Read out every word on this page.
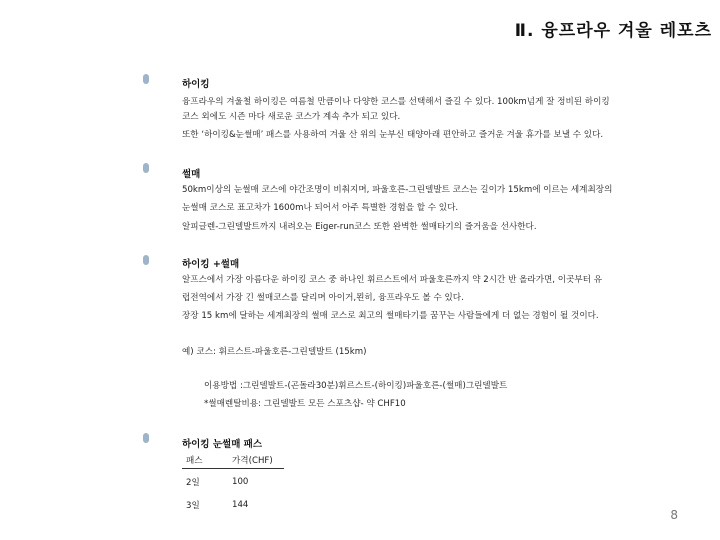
Ⅱ. 융프라우 겨울 레포츠
하이킹
융프라우의 겨울철 하이킹은 여름철 만큼이나 다양한 코스를 선택해서 즐길 수 있다. 100km넘게 잘 정비된 하이킹
코스 외에도 시즌 마다 새로운 코스가 계속 추가 되고 있다.
또한 ‘하이킹&눈썰매’ 패스를 사용하여 겨울 산 위의 눈부신 태양아래 편안하고 즐거운 겨울 휴가를 보낼 수 있다.
썰매
50km이상의 눈썰매 코스에 야간조명이 비춰지며, 파울호른-그린델발트 코스는 길이가 15km에 이르는 세계최장의
눈썰매 코스로 표고차가 1600m나 되어서 아주 특별한 경험을 할 수 있다.
알피글렌-그린델발트까지 내려오는 Eiger-run코스 또한 완벽한 썰매타기의 즐거움을 선사한다.
하이킹 +썰매
알프스에서 가장 아름다운 하이킹 코스 중 하나인 휘르스트에서 파울호른까지 약 2시간 반 올라가면, 이곳부터 유
럽전역에서 가장 긴 썰매코스를 달리며 아이거,묀히, 융프라우도 볼 수 있다.
장장 15 km에 달하는 세계최장의 썰매 코스로 최고의 썰매타기를 꿈꾸는 사람들에게 더 없는 경험이 될 것이다.
예) 코스: 휘르스트-파울호른-그린델발트 (15km)
이용방법 :그린델발트-(곤돌라30분)휘르스트-(하이킹)파울호른-(썰매)그린델발트
*썰매렌탈비용: 그린델발트 모든 스포츠샵- 약 CHF10
하이킹 눈썰매 패스
패스	가격(CHF)
2일	100
3일	144
8
